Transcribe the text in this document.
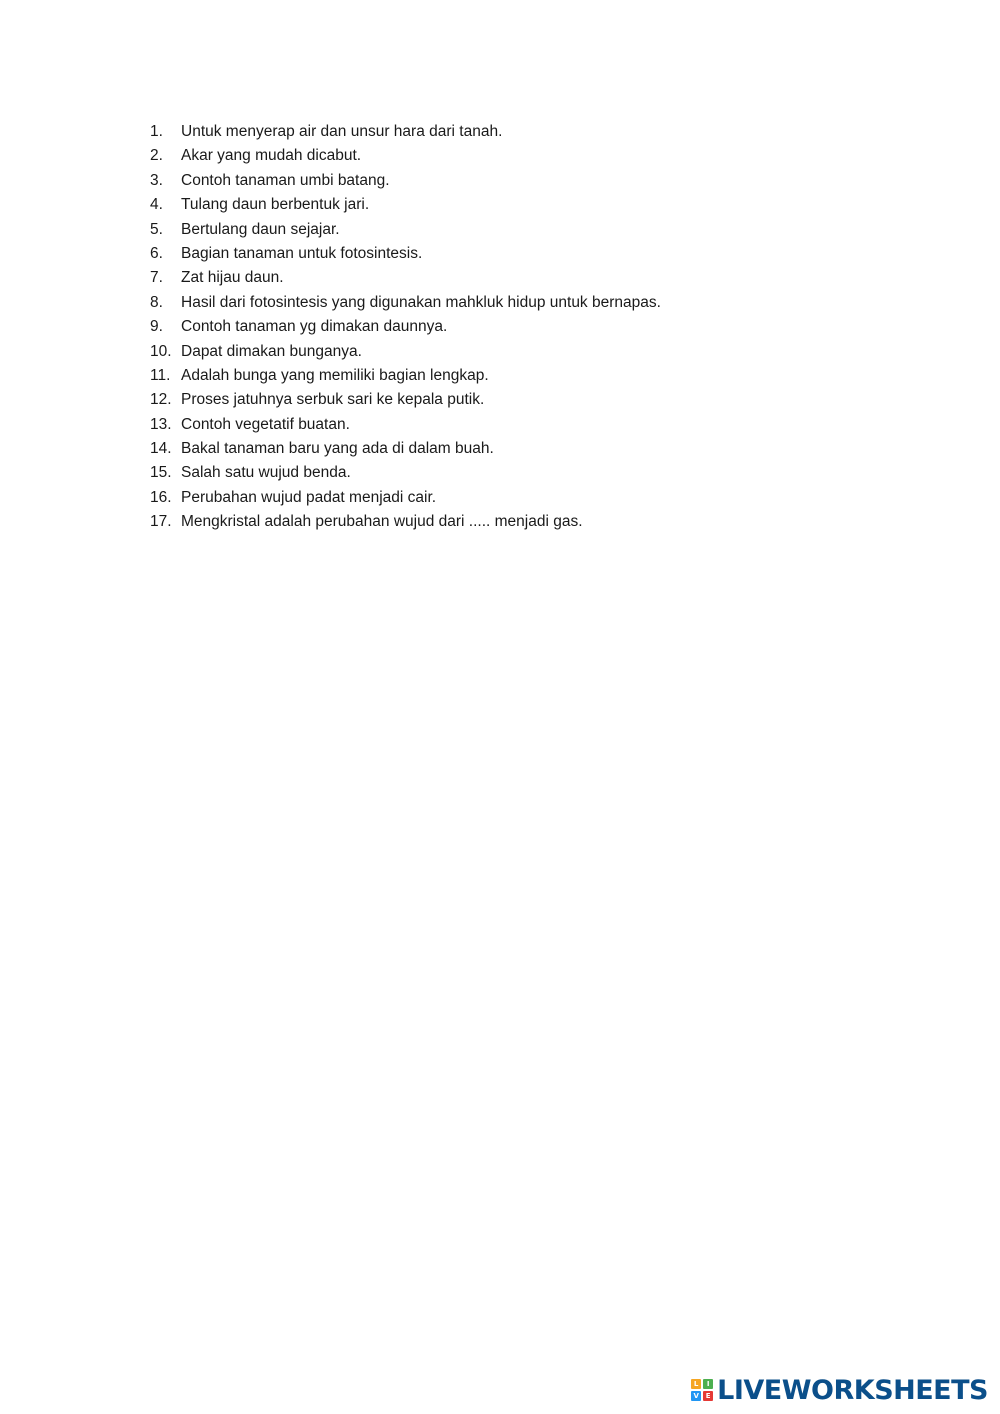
1.	Untuk menyerap air dan unsur hara dari tanah.
2.	Akar yang mudah dicabut.
3.	Contoh tanaman umbi batang.
4.	Tulang daun berbentuk jari.
5.	Bertulang daun sejajar.
6.	Bagian tanaman untuk fotosintesis.
7.	Zat hijau daun.
8.	Hasil dari fotosintesis yang digunakan mahkluk hidup untuk bernapas.
9.	Contoh tanaman yg dimakan daunnya.
10. Dapat dimakan bunganya.
11. Adalah bunga yang memiliki bagian lengkap.
12. Proses jatuhnya serbuk sari ke kepala putik.
13. Contoh vegetatif buatan.
14. Bakal tanaman baru yang ada di dalam buah.
15. Salah satu wujud benda.
16. Perubahan wujud padat menjadi cair.
17. Mengkristal adalah perubahan wujud dari ..... menjadi gas.
L	I
V E LIVEWORKSHEETS
